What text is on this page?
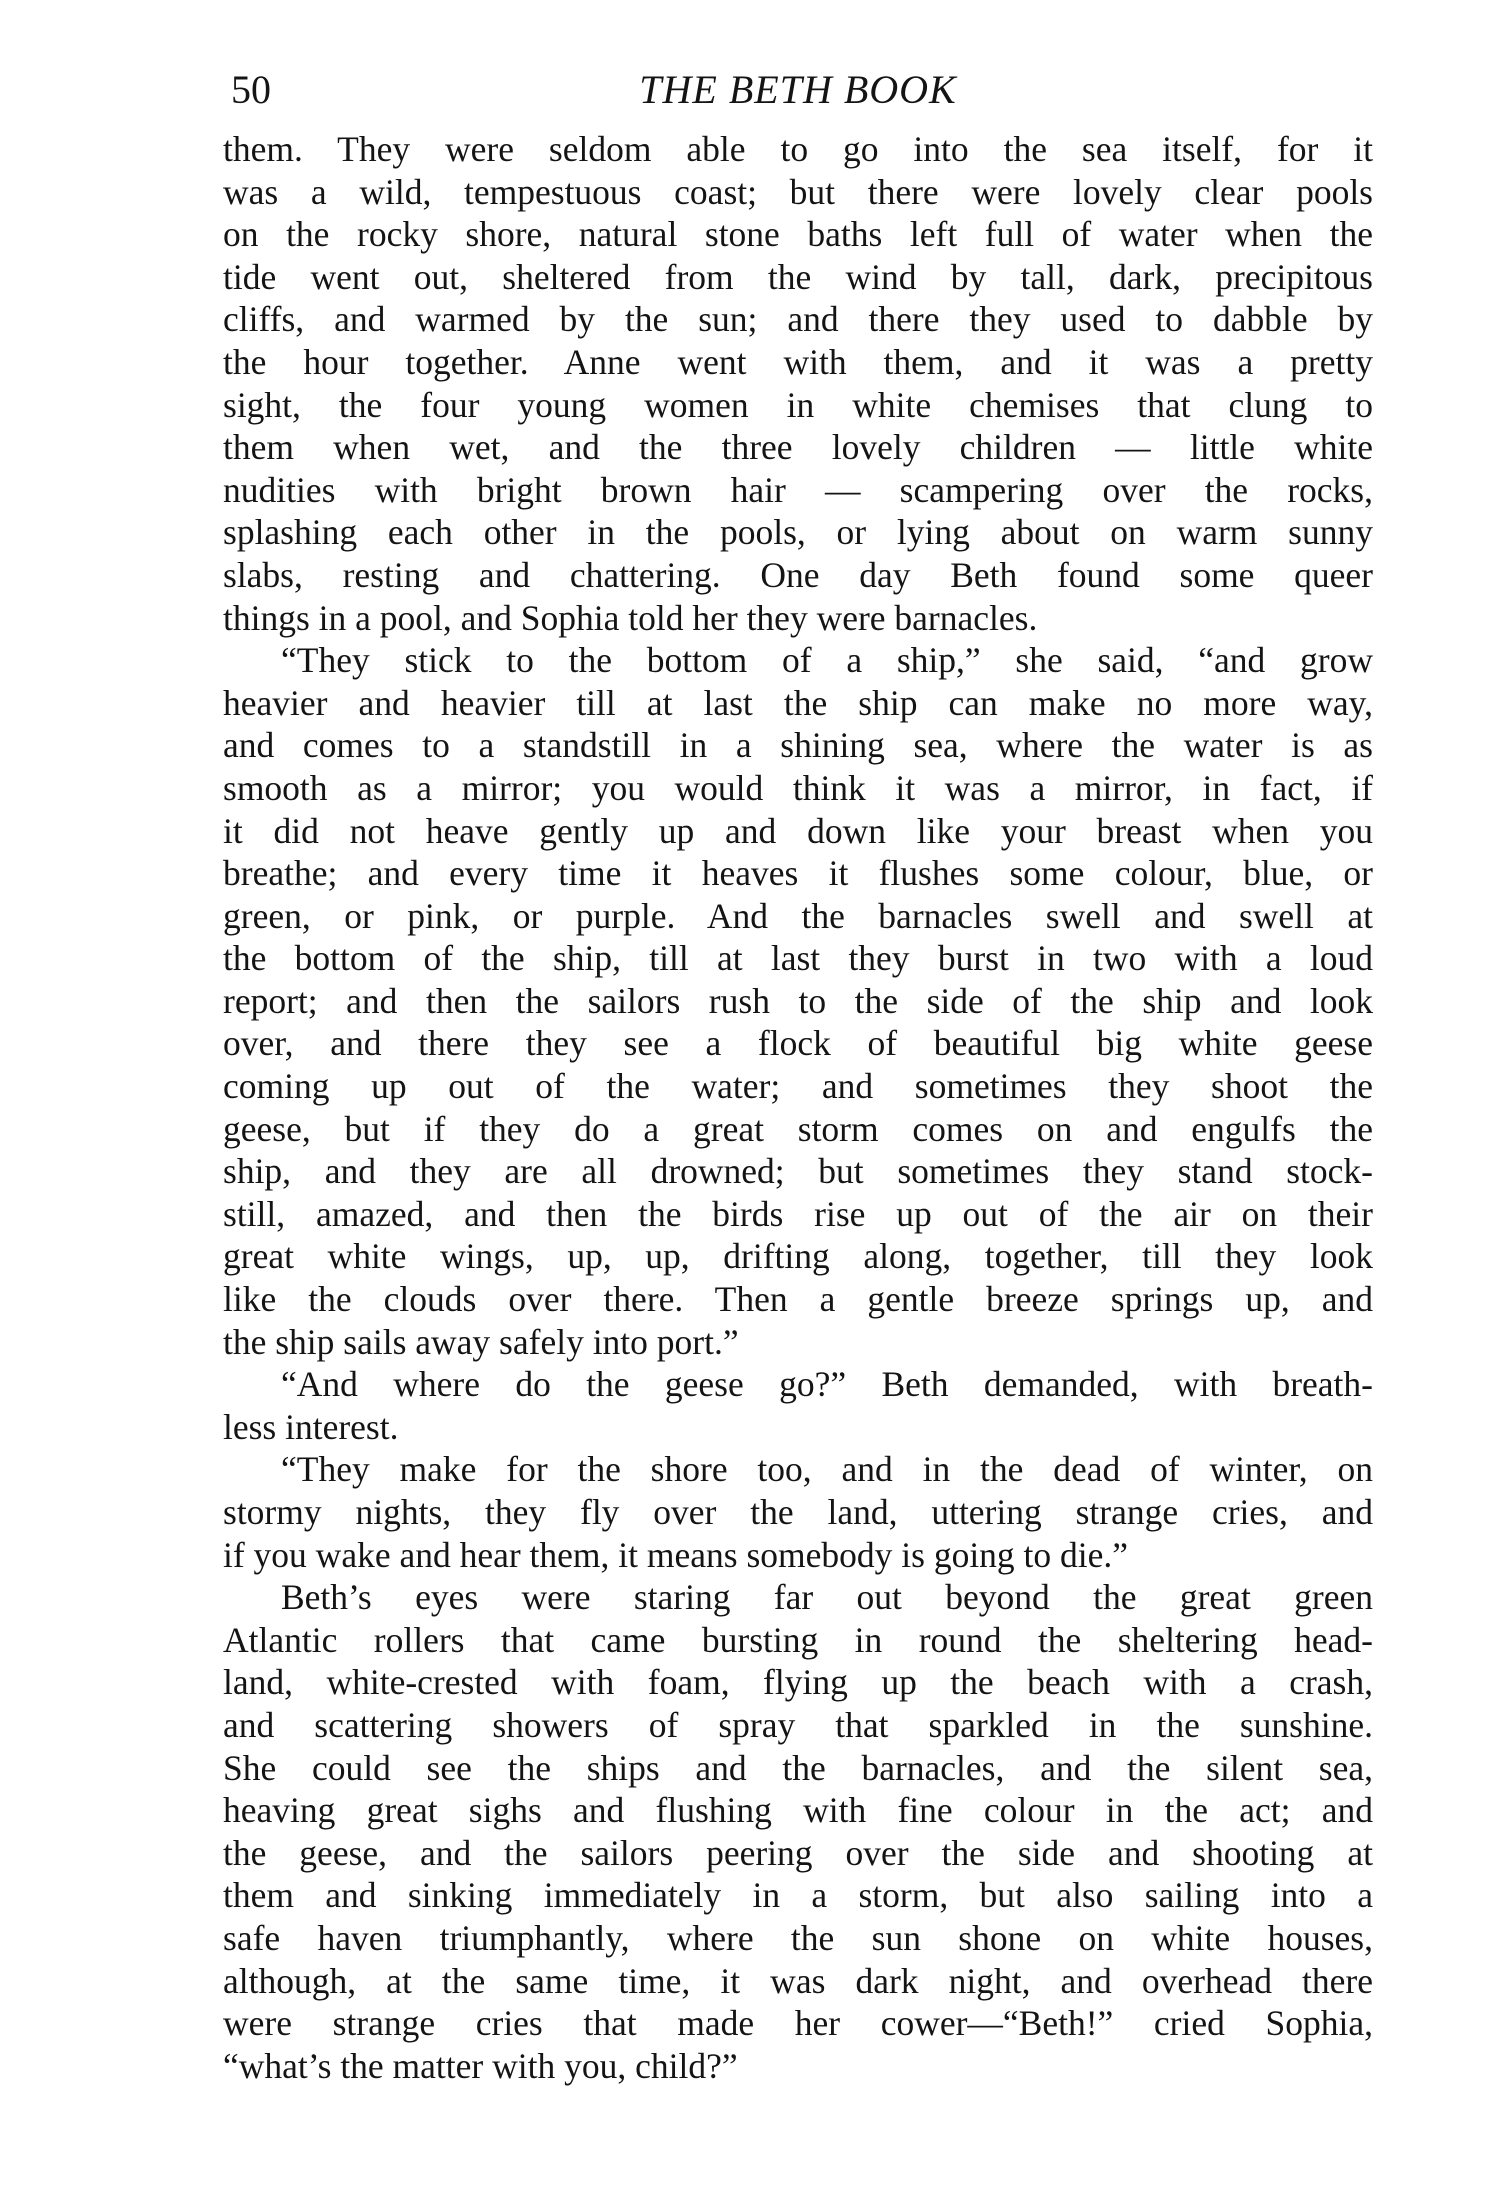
50	THE BETH BOOK
them. They were seldom able to go into the sea itself, for it
was a wild, tempestuous coast; but there were lovely clear pools
on the rocky shore, natural stone baths left full of water when the
tide went out, sheltered from the wind by tall, dark, precipitous
cliffs, and warmed by the sun; and there they used to dabble by
the hour together. Anne went with them, and it was a pretty
sight, the four young women in white chemises that clung to
them when wet, and the three lovely children — little white
nudities with bright brown hair — scampering over the rocks,
splashing each other in the pools, or lying about on warm sunny
slabs, resting and chattering. One day Beth found some queer
things in a pool, and Sophia told her they were barnacles.
“They stick to the bottom of a ship,” she said, “and grow
heavier and heavier till at last the ship can make no more way,
and comes to a standstill in a shining sea, where the water is as
smooth as a mirror; you would think it was a mirror, in fact, if
it did not heave gently up and down like your breast when you
breathe; and every time it heaves it flushes some colour, blue, or
green, or pink, or purple. And the barnacles swell and swell at
the bottom of the ship, till at last they burst in two with a loud
report; and then the sailors rush to the side of the ship and look
over, and there they see a flock of beautiful big white geese
coming up out of the water; and sometimes they shoot the
geese, but if they do a great storm comes on and engulfs the
ship, and they are all drowned; but sometimes they stand stock-
still, amazed, and then the birds rise up out of the air on their
great white wings, up, up, drifting along, together, till they look
like the clouds over there. Then a gentle breeze springs up, and
the ship sails away safely into port.”
“And where do the geese go?” Beth demanded, with breath-
less interest.
“They make for the shore too, and in the dead of winter, on
stormy nights, they fly over the land, uttering strange cries, and
if you wake and hear them, it means somebody is going to die.”
Beth’s eyes were staring far out beyond the great green
Atlantic rollers that came bursting in round the sheltering head-
land, white-crested with foam, flying up the beach with a crash,
and scattering showers of spray that sparkled in the sunshine.
She could see the ships and the barnacles, and the silent sea,
heaving great sighs and flushing with fine colour in the act; and
the geese, and the sailors peering over the side and shooting at
them and sinking immediately in a storm, but also sailing into a
safe haven triumphantly, where the sun shone on white houses,
although, at the same time, it was dark night, and overhead there
were strange cries that made her cower—“Beth!” cried Sophia,
“what’s the matter with you, child?”
